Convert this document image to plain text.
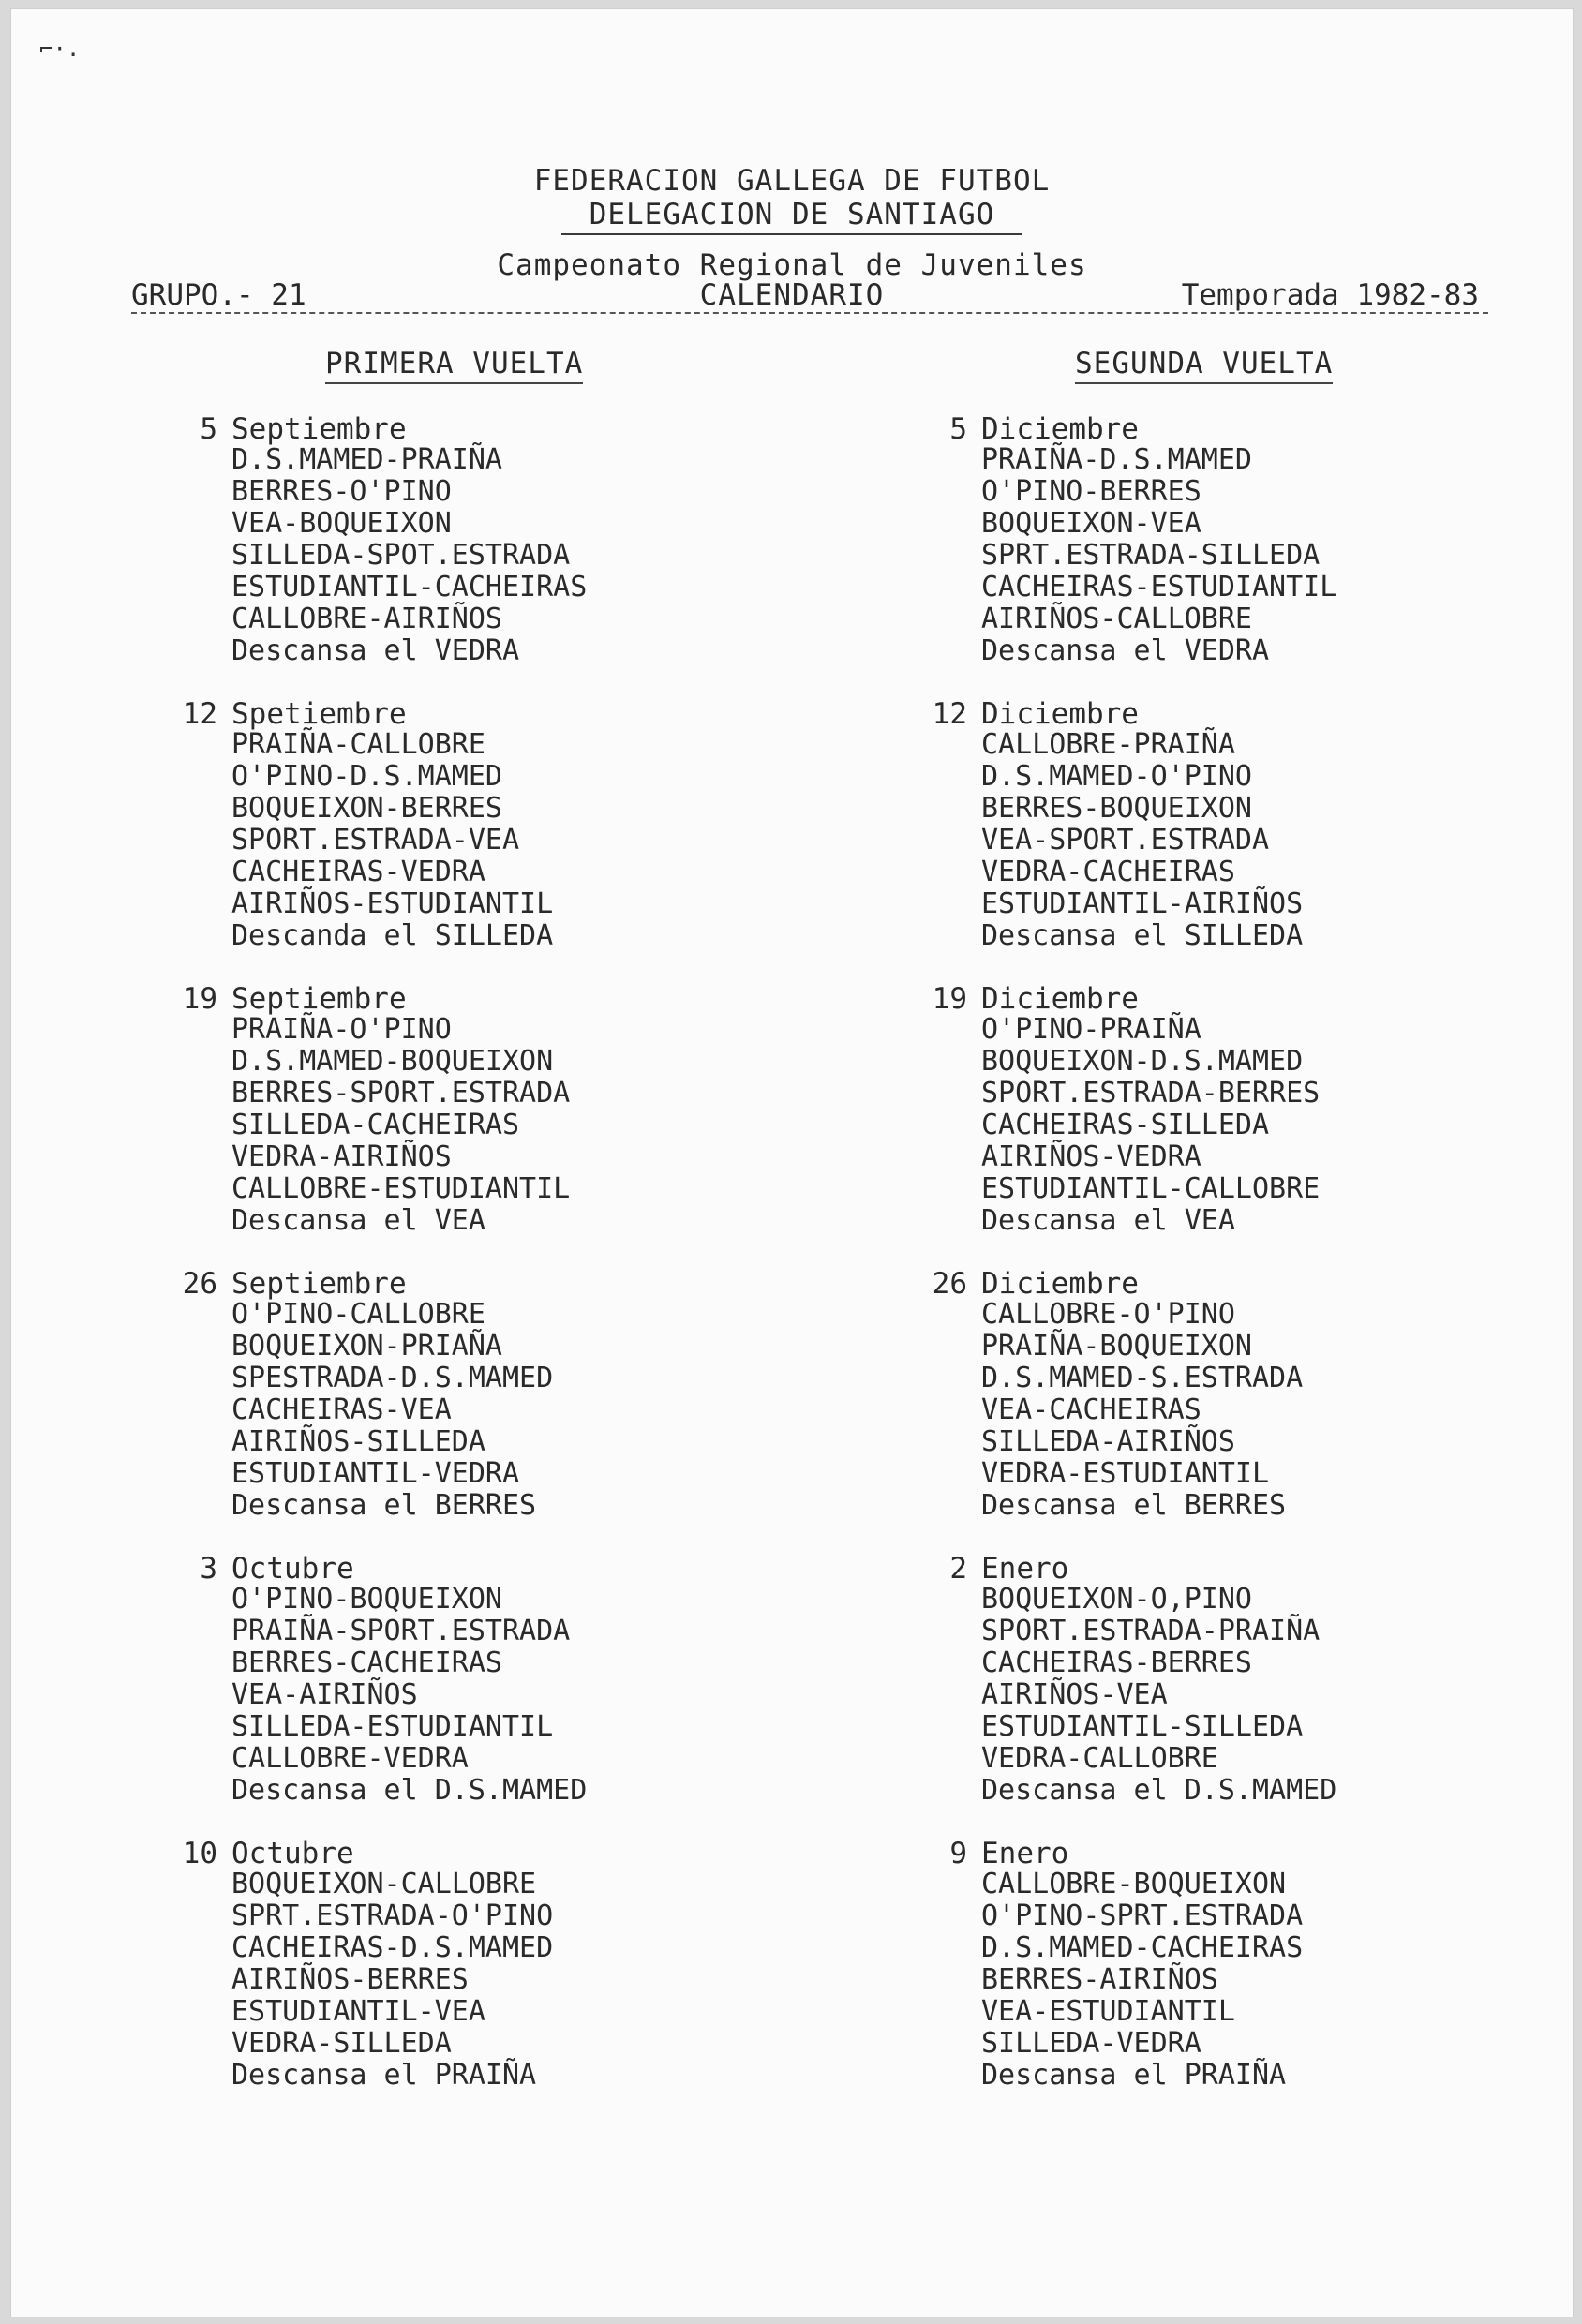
⌐·.
FEDERACION GALLEGA DE FUTBOL
DELEGACION DE SANTIAGO
Campeonato Regional de Juveniles
CALENDARIO
GRUPO.- 21	Temporada 1982-83
PRIMERA VUELTA
5 Septiembre
D.S.MAMED-PRAIÑA
BERRES-O'PINO
VEA-BOQUEIXON
SILLEDA-SPOT.ESTRADA
ESTUDIANTIL-CACHEIRAS
CALLOBRE-AIRIÑOS
Descansa el VEDRA
12 Spetiembre
PRAIÑA-CALLOBRE
O'PINO-D.S.MAMED
BOQUEIXON-BERRES
SPORT.ESTRADA-VEA
CACHEIRAS-VEDRA
AIRIÑOS-ESTUDIANTIL
Descanda el SILLEDA
19 Septiembre
PRAIÑA-O'PINO
D.S.MAMED-BOQUEIXON
BERRES-SPORT.ESTRADA
SILLEDA-CACHEIRAS
VEDRA-AIRIÑOS
CALLOBRE-ESTUDIANTIL
Descansa el VEA
26 Septiembre
O'PINO-CALLOBRE
BOQUEIXON-PRIAÑA
SPESTRADA-D.S.MAMED
CACHEIRAS-VEA
AIRIÑOS-SILLEDA
ESTUDIANTIL-VEDRA
Descansa el BERRES
3 Octubre
O'PINO-BOQUEIXON
PRAIÑA-SPORT.ESTRADA
BERRES-CACHEIRAS
VEA-AIRIÑOS
SILLEDA-ESTUDIANTIL
CALLOBRE-VEDRA
Descansa el D.S.MAMED
10 Octubre
BOQUEIXON-CALLOBRE
SPRT.ESTRADA-O'PINO
CACHEIRAS-D.S.MAMED
AIRIÑOS-BERRES
ESTUDIANTIL-VEA
VEDRA-SILLEDA
Descansa el PRAIÑA
SEGUNDA VUELTA
5 Diciembre
PRAIÑA-D.S.MAMED
O'PINO-BERRES
BOQUEIXON-VEA
SPRT.ESTRADA-SILLEDA
CACHEIRAS-ESTUDIANTIL
AIRIÑOS-CALLOBRE
Descansa el VEDRA
12 Diciembre
CALLOBRE-PRAIÑA
D.S.MAMED-O'PINO
BERRES-BOQUEIXON
VEA-SPORT.ESTRADA
VEDRA-CACHEIRAS
ESTUDIANTIL-AIRIÑOS
Descansa el SILLEDA
19 Diciembre
O'PINO-PRAIÑA
BOQUEIXON-D.S.MAMED
SPORT.ESTRADA-BERRES
CACHEIRAS-SILLEDA
AIRIÑOS-VEDRA
ESTUDIANTIL-CALLOBRE
Descansa el VEA
26 Diciembre
CALLOBRE-O'PINO
PRAIÑA-BOQUEIXON
D.S.MAMED-S.ESTRADA
VEA-CACHEIRAS
SILLEDA-AIRIÑOS
VEDRA-ESTUDIANTIL
Descansa el BERRES
2 Enero
BOQUEIXON-O,PINO
SPORT.ESTRADA-PRAIÑA
CACHEIRAS-BERRES
AIRIÑOS-VEA
ESTUDIANTIL-SILLEDA
VEDRA-CALLOBRE
Descansa el D.S.MAMED
9 Enero
CALLOBRE-BOQUEIXON
O'PINO-SPRT.ESTRADA
D.S.MAMED-CACHEIRAS
BERRES-AIRIÑOS
VEA-ESTUDIANTIL
SILLEDA-VEDRA
Descansa el PRAIÑA
